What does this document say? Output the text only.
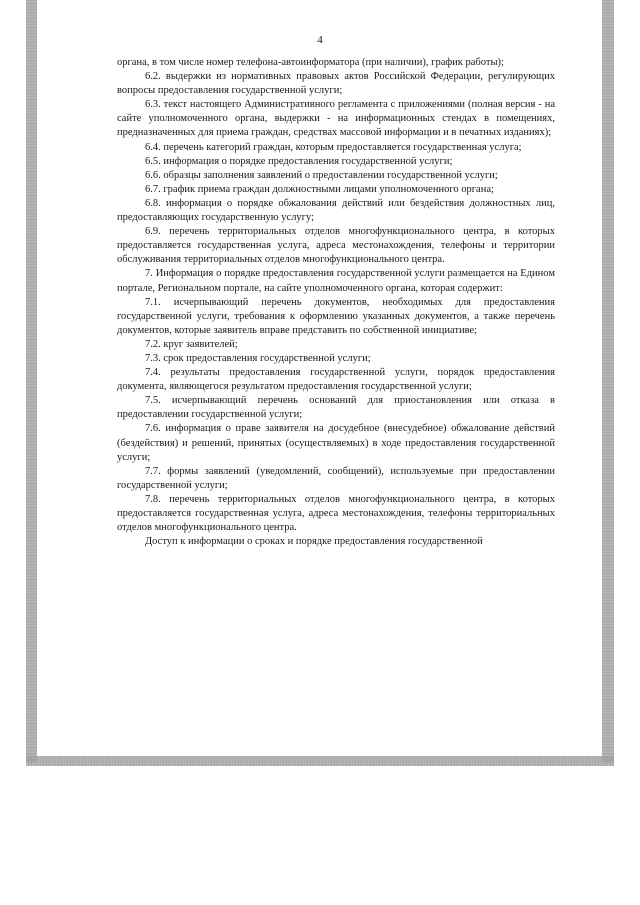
4

органа, в том числе номер телефона-автоинформатора (при наличии), график работы);

6.2. выдержки из нормативных правовых актов Российской Федерации, регулирующих вопросы предоставления государственной услуги;

6.3. текст настоящего Административного регламента с приложениями (полная версия - на сайте уполномоченного органа, выдержки - на информационных стендах в помещениях, предназначенных для приема граждан, средствах массовой информации и в печатных изданиях);

6.4. перечень категорий граждан, которым предоставляется государственная услуга;

6.5. информация о порядке предоставления государственной услуги;

6.6. образцы заполнения заявлений о предоставлении государственной услуги;

6.7. график приема граждан должностными лицами уполномоченного органа;

6.8. информация о порядке обжалования действий или бездействия должностных лиц, предоставляющих государственную услугу;

6.9. перечень территориальных отделов многофункционального центра, в которых предоставляется государственная услуга, адреса местонахождения, телефоны и территории обслуживания территориальных отделов многофункционального центра.

7. Информация о порядке предоставления государственной услуги размещается на Едином портале, Региональном портале, на сайте уполномоченного органа, которая содержит:

7.1. исчерпывающий перечень документов, необходимых для предоставления государственной услуги, требования к оформлению указанных документов, а также перечень документов, которые заявитель вправе представить по собственной инициативе;

7.2. круг заявителей;

7.3. срок предоставления государственной услуги;

7.4. результаты предоставления государственной услуги, порядок предоставления документа, являющегося результатом предоставления государственной услуги;

7.5. исчерпывающий перечень оснований для приостановления или отказа в предоставлении государственной услуги;

7.6. информация о праве заявителя на досудебное (внесудебное) обжалование действий (бездействия) и решений, принятых (осуществляемых) в ходе предоставления государственной услуги;

7.7. формы заявлений (уведомлений, сообщений), используемые при предоставлении государственной услуги;

7.8. перечень территориальных отделов многофункционального центра, в которых предоставляется государственная услуга, адреса местонахождения, телефоны территориальных отделов многофункционального центра.

Доступ к информации о сроках и порядке предоставления государственной
